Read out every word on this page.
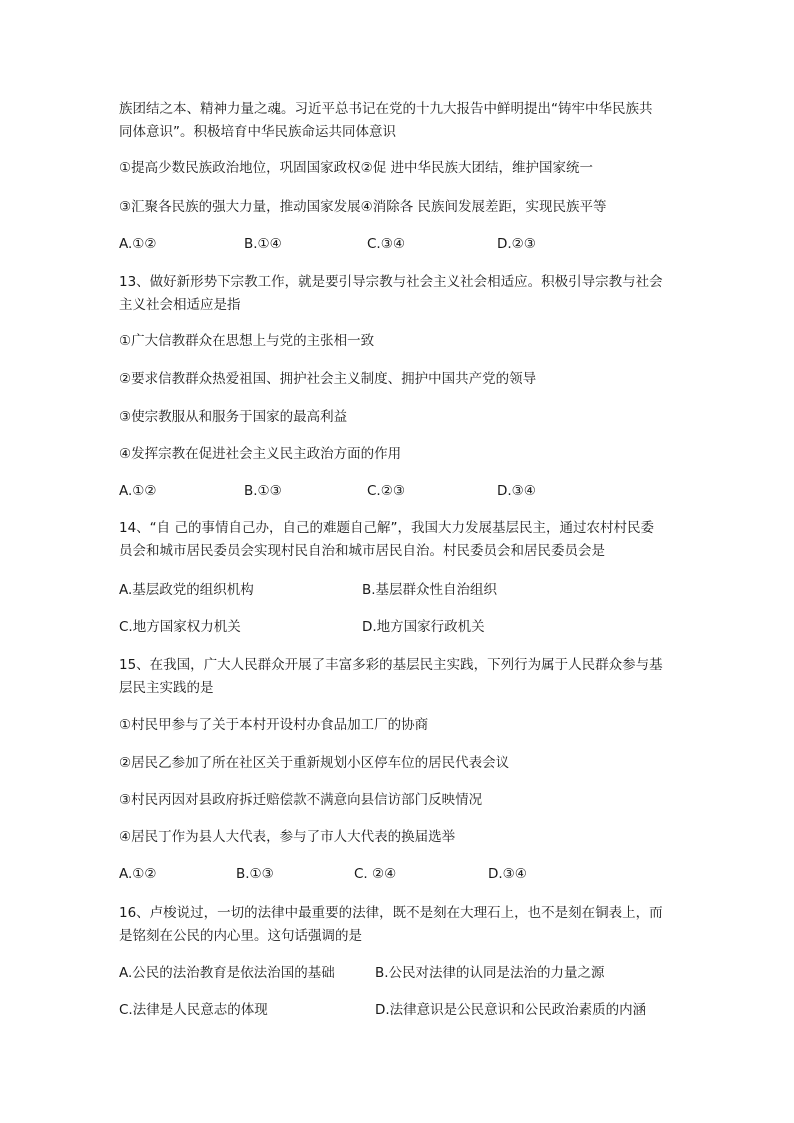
族团结之本、精神力量之魂。习近平总书记在党的十九大报告中鲜明提出“铸牢中华民族共
同体意识”。积极培育中华民族命运共同体意识
①提高少数民族政治地位，巩固国家政权②促 进中华民族大团结，维护国家统一
③汇聚各民族的强大力量，推动国家发展④消除各 民族间发展差距，实现民族平等
A.①②	B.①④	C.③④	D.②③
13、做好新形势下宗教工作，就是要引导宗教与社会主义社会相适应。积极引导宗教与社会
主义社会相适应是指
①广大信教群众在思想上与党的主张相一致
②要求信教群众热爱祖国、拥护社会主义制度、拥护中国共产党的领导
③使宗教服从和服务于国家的最高利益
④发挥宗教在促进社会主义民主政治方面的作用
A.①②	B.①③	C.②③	D.③④
14、“自 己的事情自己办，自己的难题自己解”，我国大力发展基层民主，通过农村村民委
员会和城市居民委员会实现村民自治和城市居民自治。村民委员会和居民委员会是
A.基层政党的组织机构	B.基层群众性自治组织
C.地方国家权力机关	D.地方国家行政机关
15、在我国，广大人民群众开展了丰富多彩的基层民主实践，下列行为属于人民群众参与基
层民主实践的是
①村民甲参与了关于本村开设村办食品加工厂的协商
②居民乙参加了所在社区关于重新规划小区停车位的居民代表会议
③村民丙因对县政府拆迁赔偿款不满意向县信访部门反映情况
④居民丁作为县人大代表，参与了市人大代表的换届选举
A.①②	B.①③	C. ②④	D.③④
16、卢梭说过，一切的法律中最重要的法律，既不是刻在大理石上，也不是刻在铜表上，而
是铭刻在公民的内心里。这句话强调的是
A.公民的法治教育是依法治国的基础	B.公民对法律的认同是法治的力量之源
C.法律是人民意志的体现	D.法律意识是公民意识和公民政治素质的内涵
